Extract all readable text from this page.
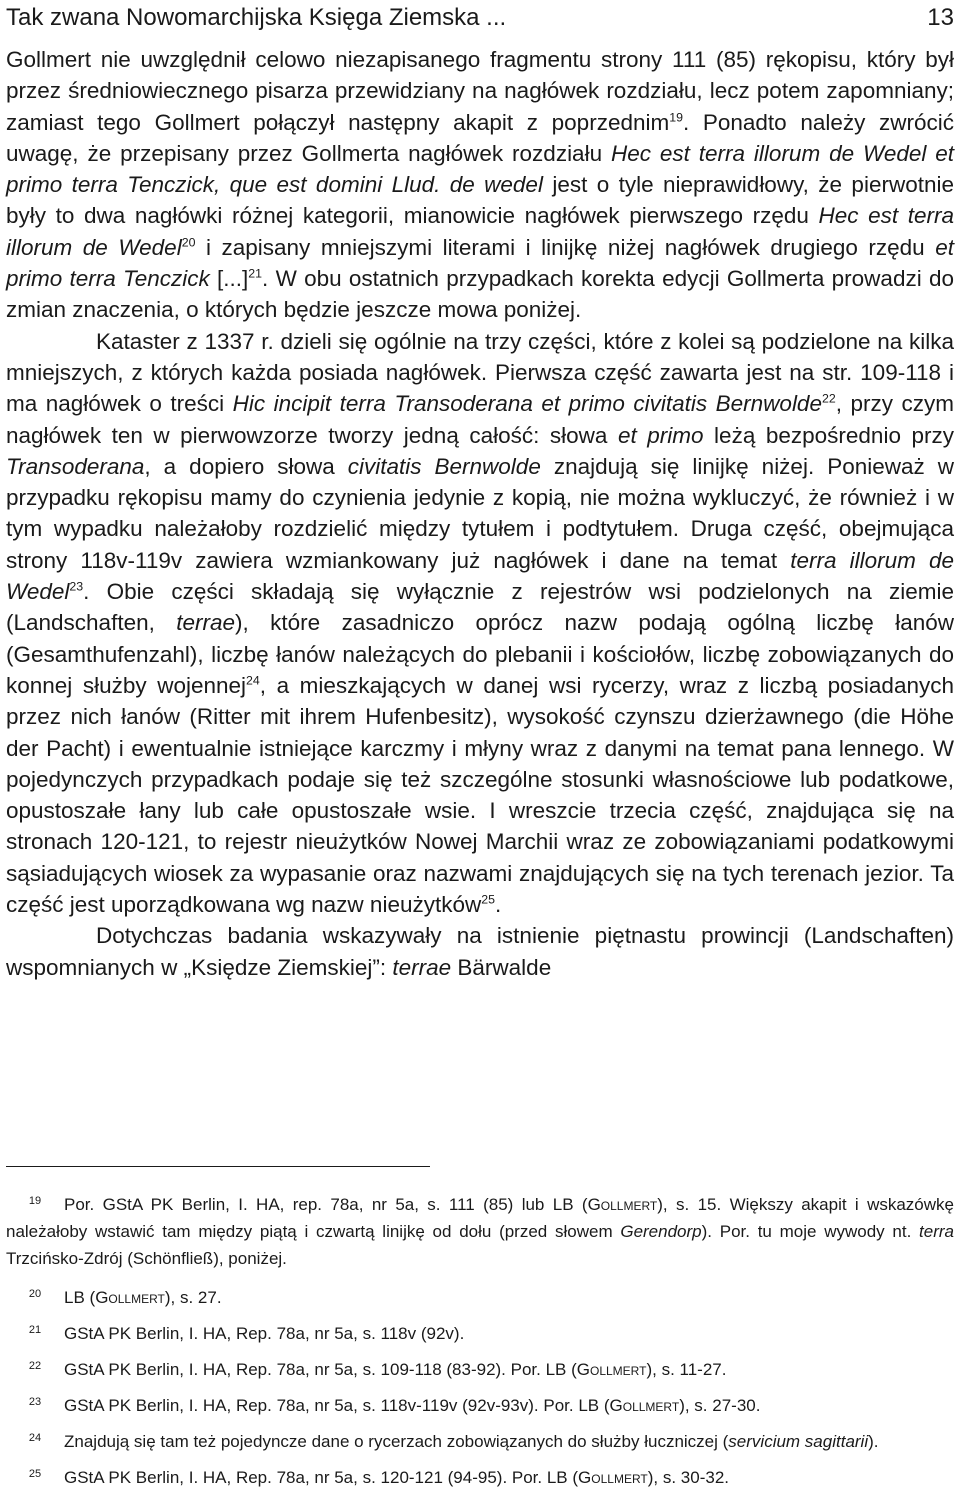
Tak zwana Nowomarchijska Księga Ziemska ...	13

Gollmert nie uwzględnił celowo niezapisanego fragmentu strony 111 (85) rękopisu, który był przez średniowiecznego pisarza przewidziany na nagłówek rozdziału, lecz potem zapomniany; zamiast tego Gollmert połączył następny akapit z poprzednim$^{19}$. Ponadto należy zwrócić uwagę, że przepisany przez Gollmerta nagłówek rozdziału Hec est terra illorum de Wedel et primo terra Tenczick, que est domini Llud. de wedel jest o tyle nieprawidłowy, że pierwotnie były to dwa nagłówki różnej kategorii, mianowicie nagłówek pierwszego rzędu Hec est terra illorum de Wedel$^{20}$ i zapisany mniejszymi literami i linijkę niżej nagłówek drugiego rzędu et primo terra Tenczick [...]$^{21}$. W obu ostatnich przypadkach korekta edycji Gollmerta prowadzi do zmian znaczenia, o których będzie jeszcze mowa poniżej.

Kataster z 1337 r. dzieli się ogólnie na trzy części, które z kolei są podzielone na kilka mniejszych, z których każda posiada nagłówek. Pierwsza część zawarta jest na str. 109-118 i ma nagłówek o treści Hic incipit terra Transoderana et primo civitatis Bernwolde$^{22}$, przy czym nagłówek ten w pierwowzorze tworzy jedną całość: słowa et primo leżą bezpośrednio przy Transoderana, a dopiero słowa civitatis Bernwolde znajdują się linijkę niżej. Ponieważ w przypadku rękopisu mamy do czynienia jedynie z kopią, nie można wykluczyć, że również i w tym wypadku należałoby rozdzielić między tytułem i podtytułem. Druga część, obejmująca strony 118v-119v zawiera wzmiankowany już nagłówek i dane na temat terra illorum de Wedel$^{23}$. Obie części składają się wyłącznie z rejestrów wsi podzielonych na ziemie (Landschaften, terrae), które zasadniczo oprócz nazw podają ogólną liczbę łanów (Gesamthufenzahl), liczbę łanów należących do plebanii i kościołów, liczbę zobowiązanych do konnej służby wojennej$^{24}$, a mieszkających w danej wsi rycerzy, wraz z liczbą posiadanych przez nich łanów (Ritter mit ihrem Hufenbesitz), wysokość czynszu dzierżawnego (die Höhe der Pacht) i ewentualnie istniejące karczmy i młyny wraz z danymi na temat pana lennego. W pojedynczych przypadkach podaje się też szczególne stosunki własnościowe lub podatkowe, opustoszałe łany lub całe opustoszałe wsie. I wreszcie trzecia część, znajdująca się na stronach 120-121, to rejestr nieużytków Nowej Marchii wraz ze zobowiązaniami podatkowymi sąsiadujących wiosek za wypasanie oraz nazwami znajdujących się na tych terenach jezior. Ta część jest uporządkowana wg nazw nieużytków$^{25}$.

Dotychczas badania wskazywały na istnienie piętnastu prowincji (Landschaften) wspomnianych w „Księdze Ziemskiej”: terrae Bärwalde

19 Por. GStA PK Berlin, I. HA, rep. 78a, nr 5a, s. 111 (85) lub LB (Gollmert), s. 15. Większy akapit i wskazówkę należałoby wstawić tam między piątą i czwartą linijkę od dołu (przed słowem Gerendorp). Por. tu moje wywody nt. terra Trzcińsko-Zdrój (Schönfließ), poniżej.

20 LB (Gollmert), s. 27.

21 GStA PK Berlin, I. HA, Rep. 78a, nr 5a, s. 118v (92v).

22 GStA PK Berlin, I. HA, Rep. 78a, nr 5a, s. 109-118 (83-92). Por. LB (Gollmert), s. 11-27.

23 GStA PK Berlin, I. HA, Rep. 78a, nr 5a, s. 118v-119v (92v-93v). Por. LB (Gollmert), s. 27-30.

24 Znajdują się tam też pojedyncze dane o rycerzach zobowiązanych do służby łuczniczej (servicium sagittarii).

25 GStA PK Berlin, I. HA, Rep. 78a, nr 5a, s. 120-121 (94-95). Por. LB (Gollmert), s. 30-32.
